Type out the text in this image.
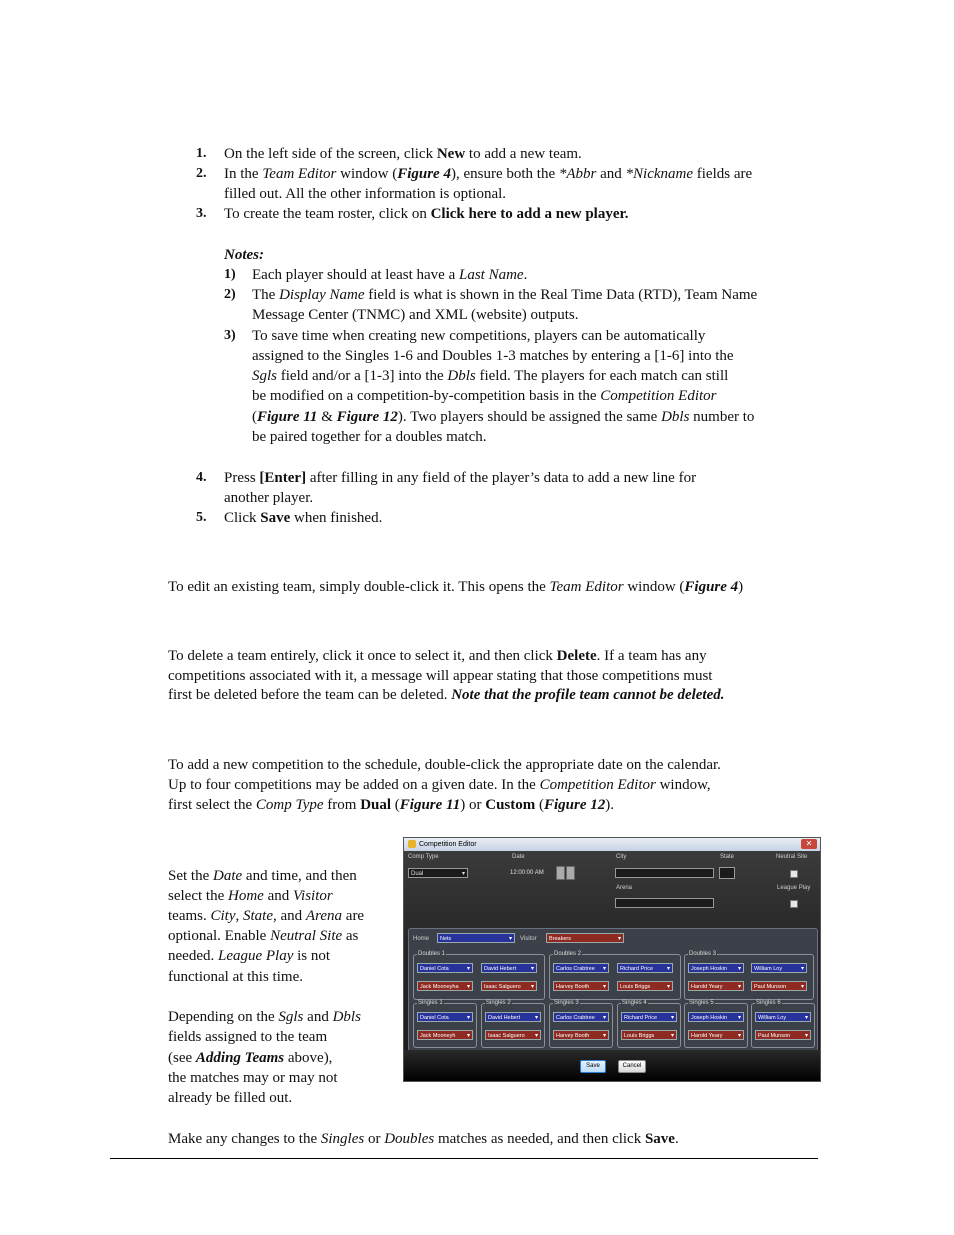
1. On the left side of the screen, click New to add a new team.
2. In the Team Editor window (Figure 4), ensure both the *Abbr and *Nickname fields are
filled out. All the other information is optional.
3. To create the team roster, click on Click here to add a new player.
Notes:
1) Each player should at least have a Last Name.
2) The Display Name field is what is shown in the Real Time Data (RTD), Team Name
Message Center (TNMC) and XML (website) outputs.
3) To save time when creating new competitions, players can be automatically
assigned to the Singles 1-6 and Doubles 1-3 matches by entering a [1-6] into the
Sgls field and/or a [1-3] into the Dbls field. The players for each match can still
be modified on a competition-by-competition basis in the Competition Editor
(Figure 11 & Figure 12). Two players should be assigned the same Dbls number to
be paired together for a doubles match.
4. Press [Enter] after filling in any field of the player’s data to add a new line for
another player.
5. Click Save when finished.
To edit an existing team, simply double-click it. This opens the Team Editor window (Figure 4)
To delete a team entirely, click it once to select it, and then click Delete. If a team has any
competitions associated with it, a message will appear stating that those competitions must
first be deleted before the team can be deleted. Note that the profile team cannot be deleted.
To add a new competition to the schedule, double-click the appropriate date on the calendar.
Up to four competitions may be added on a given date. In the Competition Editor window,
first select the Comp Type from Dual (Figure 11) or Custom (Figure 12).
Set the Date and time, and then
select the Home and Visitor
teams. City, State, and Arena are
optional. Enable Neutral Site as
needed. League Play is not
functional at this time.
Depending on the Sgls and Dbls
fields assigned to the team
(see Adding Teams above),
the matches may or may not
already be filled out.
Competition Editor	✕
Comp Type
Dual	▾
Date
12:00:00 AM
City	State	Neutral Site
Arena	League Play
Home	Nets ▾	Visitor	Breakers ▾
Doubles 1
Daniel Cota ▾	David Hebert ▾
Jack Mooneyha ▾	Isaac Salguero ▾
Doubles 2
Carlos Crabtree ▾	Richard Price ▾
Harvey Booth ▾	Louis Briggs ▾
Doubles 3
Joseph Hoskin ▾	William Loy ▾
Harold Yeary ▾	Paul Munson ▾
Singles 1
Daniel Cota ▾
Jack Mooneyh ▾
Singles 2
David Hebert ▾
Isaac Salguero ▾
Singles 3
Carlos Crabtree ▾
Harvey Booth ▾
Singles 4
Richard Price ▾
Louis Briggs ▾
Singles 5
Joseph Hoskin ▾
Harold Yeary ▾
Singles 6
William Loy ▾
Paul Munson ▾
Save	Cancel
Make any changes to the Singles or Doubles matches as needed, and then click Save.
